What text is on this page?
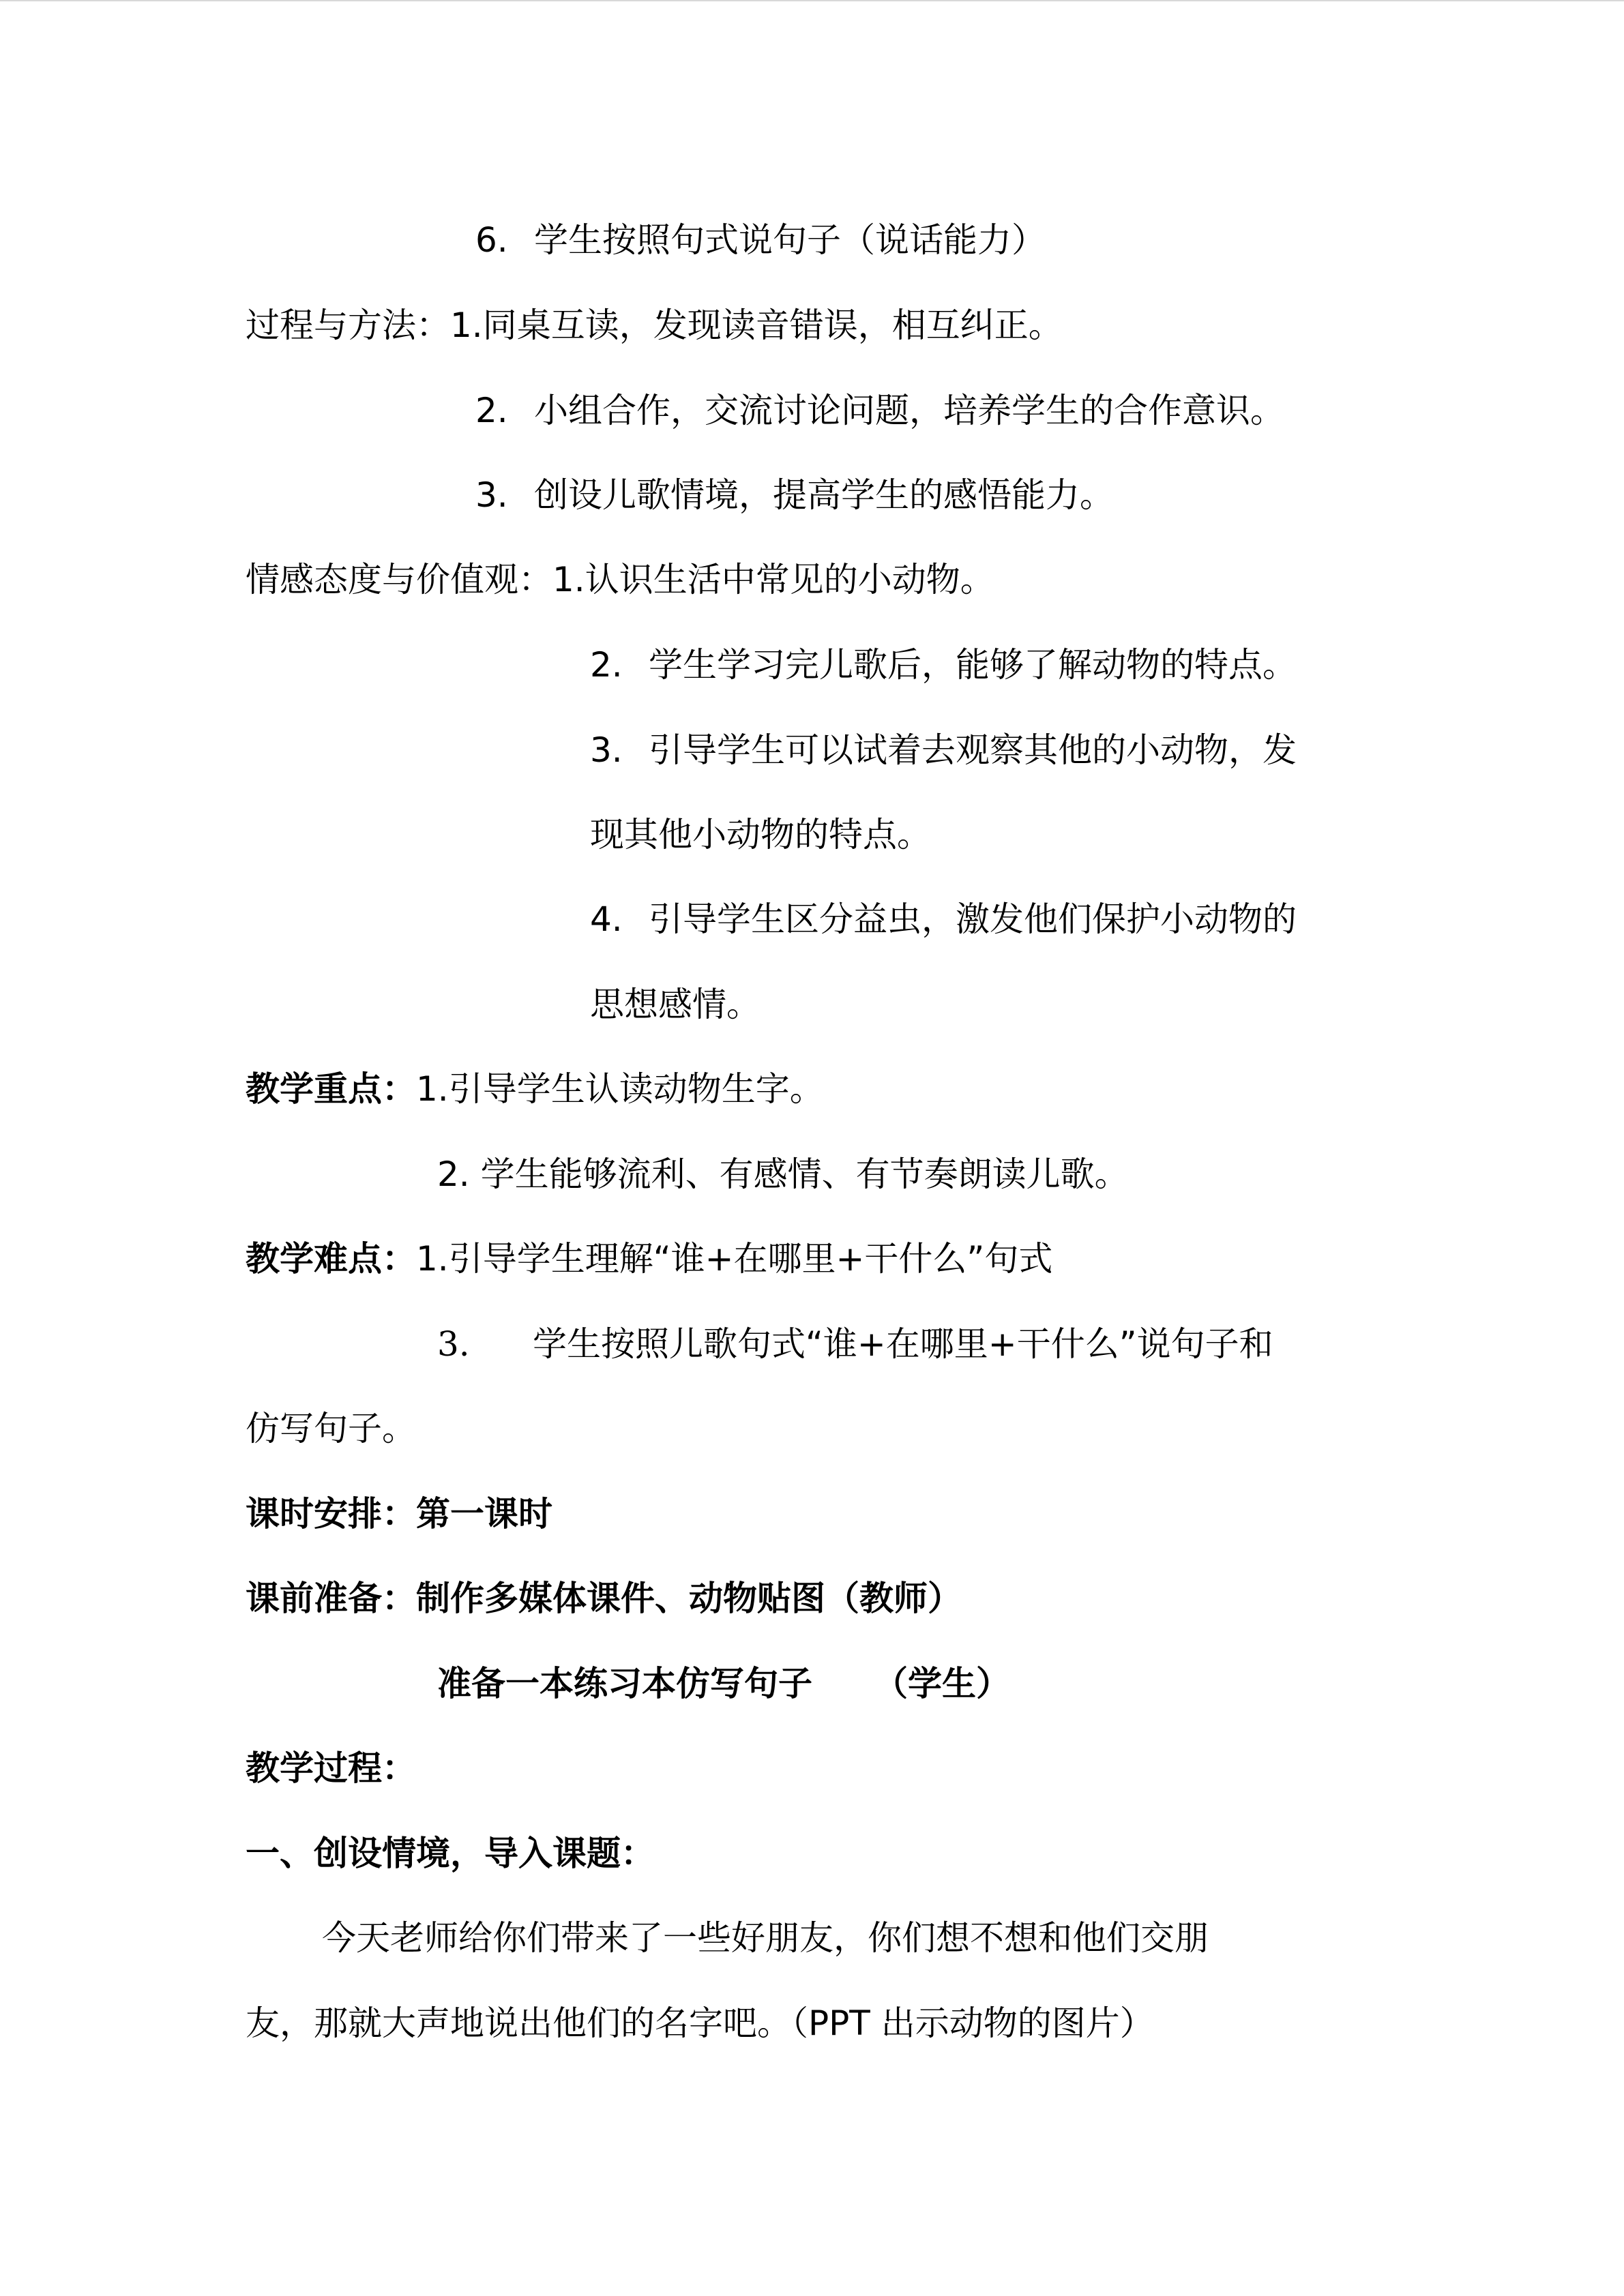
6. 学生按照句式说句子（说话能力）
过程与方法：1.同桌互读，发现读音错误，相互纠正。
2. 小组合作，交流讨论问题，培养学生的合作意识。
3. 创设儿歌情境，提高学生的感悟能力。
情感态度与价值观：1.认识生活中常见的小动物。
2. 学生学习完儿歌后，能够了解动物的特点。
3. 引导学生可以试着去观察其他的小动物，发
现其他小动物的特点。
4. 引导学生区分益虫，激发他们保护小动物的
思想感情。
教学重点：1.引导学生认读动物生字。
2. 学生能够流利、有感情、有节奏朗读儿歌。
教学难点：1.引导学生理解“谁+在哪里+干什么”句式
3. 学生按照儿歌句式“谁+在哪里+干什么”说句子和
仿写句子。
课时安排：第一课时
课前准备：制作多媒体课件、动物贴图（教师）
准备一本练习本仿写句子 （学生）
教学过程：
一、创设情境，导入课题：
今天老师给你们带来了一些好朋友，你们想不想和他们交朋
友，那就大声地说出他们的名字吧。（PPT 出示动物的图片）
